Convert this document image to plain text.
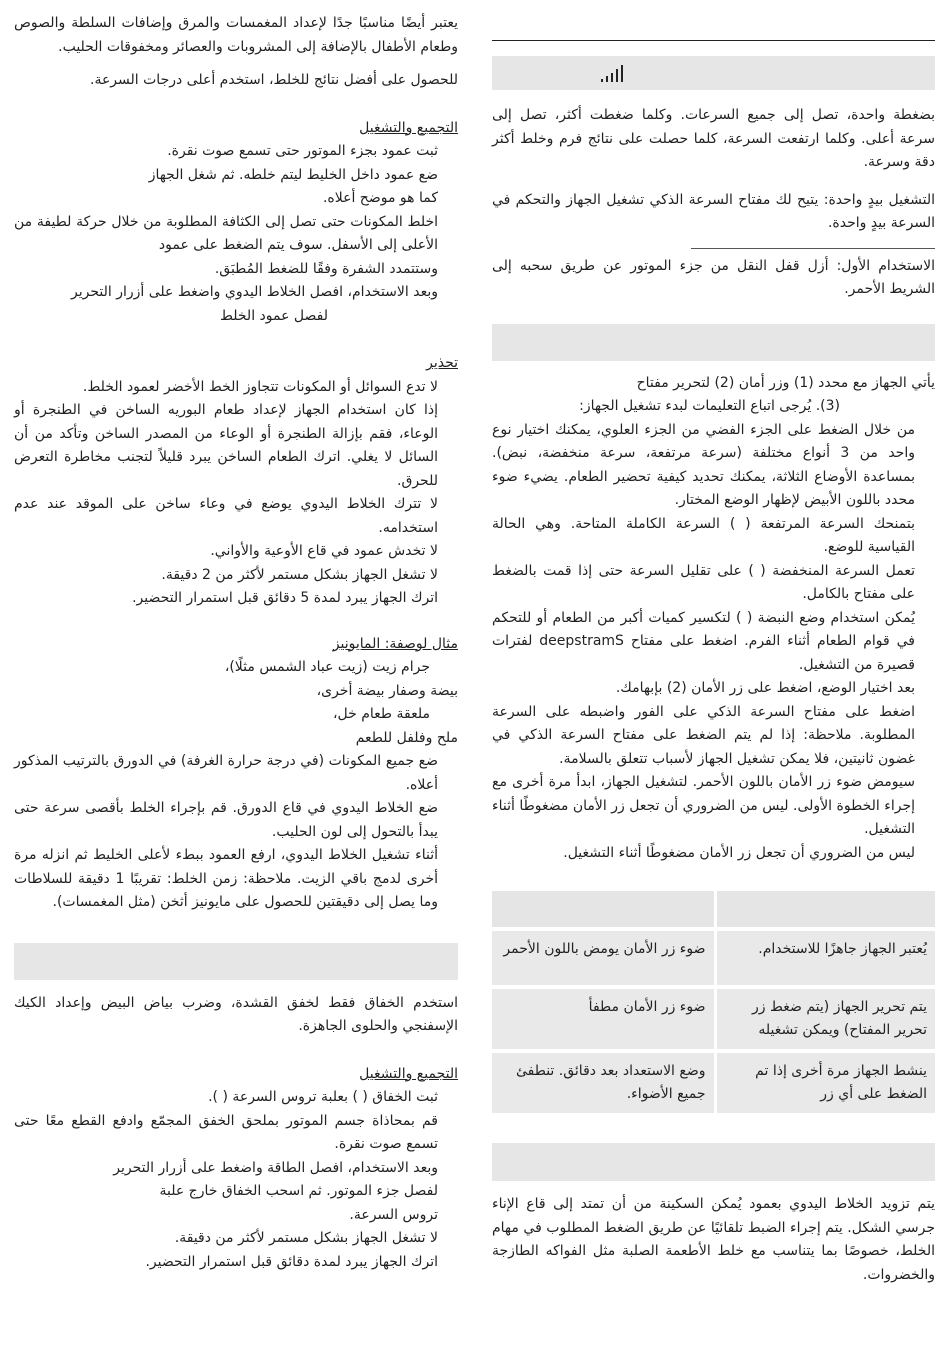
بضغطة واحدة، تصل إلى جميع السرعات. وكلما ضغطت أكثر، تصل إلى سرعة أعلى. وكلما ارتفعت السرعة، كلما حصلت على نتائج فرم وخلط أكثر دقة وسرعة.

التشغيل بيدٍ واحدة: يتيح لك مفتاح السرعة الذكي تشغيل الجهاز والتحكم في السرعة بيدٍ واحدة.

الاستخدام الأول: أزل قفل النقل من جزء الموتور عن طريق سحبه إلى الشريط الأحمر.

يأتي الجهاز مع محدد (1) وزر أمان (2) لتحرير مفتاح

(3). يُرجى اتباع التعليمات لبدء تشغيل الجهاز:

من خلال الضغط على الجزء الفضي من الجزء العلوي، يمكنك اختيار نوع واحد من 3 أنواع مختلفة (سرعة مرتفعة، سرعة منخفضة، نبض). بمساعدة الأوضاع الثلاثة، يمكنك تحديد كيفية تحضير الطعام. يضيء ضوء محدد باللون الأبيض لإظهار الوضع المختار.

بتمنحك السرعة المرتفعة ( ) السرعة الكاملة المتاحة. وهي الحالة القياسية للوضع.

تعمل السرعة المنخفضة ( ) على تقليل السرعة حتى إذا قمت بالضغط على مفتاح بالكامل.

يُمكن استخدام وضع النبضة ( ) لتكسير كميات أكبر من الطعام أو للتحكم في قوام الطعام أثناء الفرم. اضغط على مفتاح deepstramS لفترات قصيرة من التشغيل.

بعد اختيار الوضع، اضغط على زر الأمان (2) بإبهامك.

اضغط على مفتاح السرعة الذكي على الفور واضبطه على السرعة المطلوبة. ملاحظة: إذا لم يتم الضغط على مفتاح السرعة الذكي في غضون ثانيتين، فلا يمكن تشغيل الجهاز لأسباب تتعلق بالسلامة.

سيومض ضوء زر الأمان باللون الأحمر. لتشغيل الجهاز، ابدأ مرة أخرى مع إجراء الخطوة الأولى. ليس من الضروري أن تجعل زر الأمان مضغوطًا أثناء التشغيل.

ليس من الضروري أن تجعل زر الأمان مضغوطًا أثناء التشغيل.

يُعتبر الجهاز جاهزًا للاستخدام.	ضوء زر الأمان يومض باللون الأحمر
يتم تحرير الجهاز (يتم ضغط زر تحرير المفتاح) ويمكن تشغيله	ضوء زر الأمان مطفأ
ينشط الجهاز مرة أخرى إذا تم الضغط على أي زر	وضع الاستعداد بعد دقائق. تنطفئ جميع الأضواء.

يتم تزويد الخلاط اليدوي بعمود يُمكن السكينة من أن تمتد إلى قاع الإناء جرسي الشكل. يتم إجراء الضبط تلقائيًا عن طريق الضغط المطلوب في مهام الخلط، خصوصًا بما يتناسب مع خلط الأطعمة الصلبة مثل الفواكه الطازجة والخضروات.

يعتبر أيضًا مناسبًا جدًا لإعداد المغمسات والمرق وإضافات السلطة والصوص وطعام الأطفال بالإضافة إلى المشروبات والعصائر ومخفوقات الحليب.

للحصول على أفضل نتائج للخلط، استخدم أعلى درجات السرعة.

التجميع والتشغيل

ثبت عمود بجزء الموتور حتى تسمع صوت نقرة.

ضع عمود داخل الخليط ليتم خلطه. ثم شغل الجهاز

كما هو موضح أعلاه.

اخلط المكونات حتى تصل إلى الكثافة المطلوبة من خلال حركة لطيفة من الأعلى إلى الأسفل. سوف يتم الضغط على عمود

وستتمدد الشفرة وفقًا للضغط المُطبَق.

وبعد الاستخدام، افصل الخلاط اليدوي واضغط على أزرار التحرير

لفصل عمود الخلط

تحذير

لا تدع السوائل أو المكونات تتجاوز الخط الأخضر لعمود الخلط.

إذا كان استخدام الجهاز لإعداد طعام البوريه الساخن في الطنجرة أو الوعاء، فقم بإزالة الطنجرة أو الوعاء من المصدر الساخن وتأكد من أن السائل لا يغلي. اترك الطعام الساخن يبرد قليلاً لتجنب مخاطرة التعرض للحرق.

لا تترك الخلاط اليدوي يوضع في وعاء ساخن على الموقد عند عدم استخدامه.

لا تخدش عمود في قاع الأوعية والأواني.

لا تشغل الجهاز بشكل مستمر لأكثر من 2 دقيقة.

اترك الجهاز يبرد لمدة 5 دقائق قبل استمرار التحضير.

مثال لوصفة: المايونيز

جرام زيت (زيت عباد الشمس مثلًا)،

بيضة وصفار بيضة أخرى،

ملعقة طعام خل،

ملح وفلفل للطعم

ضع جميع المكونات (في درجة حرارة الغرفة) في الدورق بالترتيب المذكور أعلاه.

ضع الخلاط اليدوي في قاع الدورق. قم بإجراء الخلط بأقصى سرعة حتى يبدأ بالتحول إلى لون الحليب.

أثناء تشغيل الخلاط اليدوي، ارفع العمود ببطء لأعلى الخليط ثم انزله مرة أخرى لدمج باقي الزيت. ملاحظة: زمن الخلط: تقريبًا 1 دقيقة للسلاطات وما يصل إلى دقيقتين للحصول على مايونيز أثخن (مثل المغمسات).

استخدم الخفاق فقط لخفق القشدة، وضرب بياض البيض وإعداد الكيك الإسفنجي والحلوى الجاهزة.

التجميع والتشغيل

ثبت الخفاق ( ) بعلبة تروس السرعة ( ).

قم بمحاذاة جسم الموتور بملحق الخفق المجمّع وادفع القطع معًا حتى تسمع صوت نقرة.

وبعد الاستخدام، افصل الطاقة واضغط على أزرار التحرير

لفصل جزء الموتور. ثم اسحب الخفاق خارج علبة

تروس السرعة.

لا تشغل الجهاز بشكل مستمر لأكثر من دقيقة.

اترك الجهاز يبرد لمدة دقائق قبل استمرار التحضير.
